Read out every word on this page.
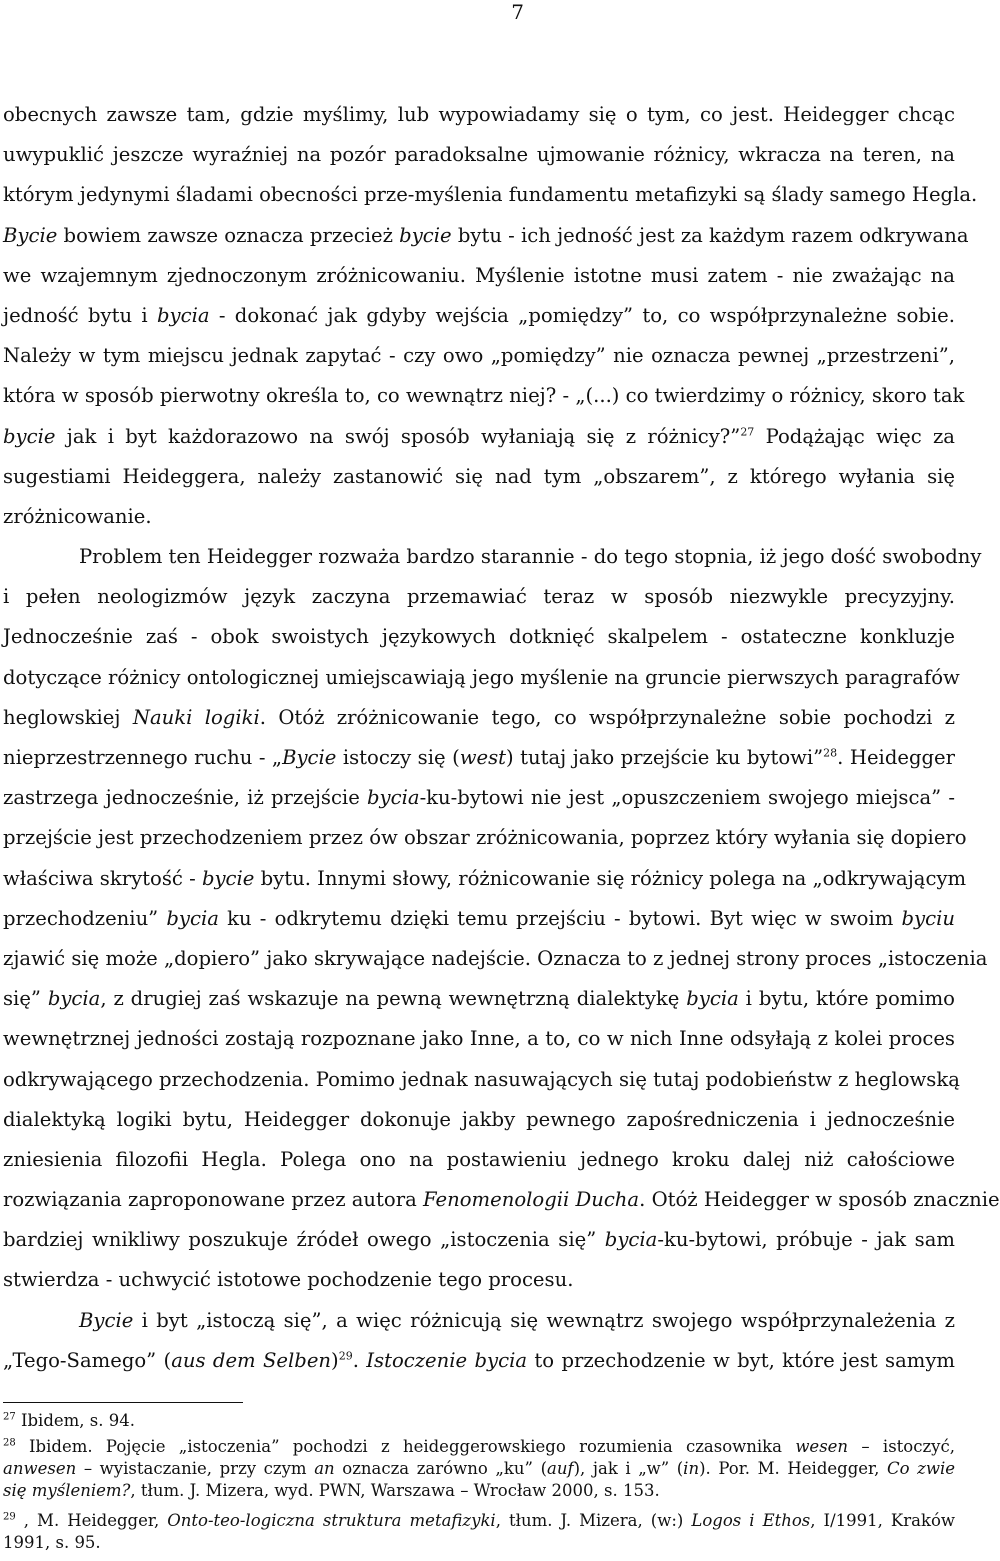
7
obecnych zawsze tam, gdzie myślimy, lub wypowiadamy się o tym, co jest. Heidegger chcąc
uwypuklić jeszcze wyraźniej na pozór paradoksalne ujmowanie różnicy, wkracza na teren, na
którym jedynymi śladami obecności prze-myślenia fundamentu metafizyki są ślady samego Hegla.
Bycie bowiem zawsze oznacza przecież bycie bytu - ich jedność jest za każdym razem odkrywana
we wzajemnym zjednoczonym zróżnicowaniu. Myślenie istotne musi zatem - nie zważając na
jedność bytu i bycia - dokonać jak gdyby wejścia „pomiędzy” to, co współprzynależne sobie.
Należy w tym miejscu jednak zapytać - czy owo „pomiędzy” nie oznacza pewnej „przestrzeni”,
która w sposób pierwotny określa to, co wewnątrz niej? - „(...) co twierdzimy o różnicy, skoro tak
bycie jak i byt każdorazowo na swój sposób wyłaniają się z różnicy?”$^{27}$ Podążając więc za
sugestiami Heideggera, należy zastanowić się nad tym „obszarem”, z którego wyłania się
zróżnicowanie.
Problem ten Heidegger rozważa bardzo starannie - do tego stopnia, iż jego dość swobodny
i pełen neologizmów język zaczyna przemawiać teraz w sposób niezwykle precyzyjny.
Jednocześnie zaś - obok swoistych językowych dotknięć skalpelem - ostateczne konkluzje
dotyczące różnicy ontologicznej umiejscawiają jego myślenie na gruncie pierwszych paragrafów
heglowskiej Nauki logiki. Otóż zróżnicowanie tego, co współprzynależne sobie pochodzi z
nieprzestrzennego ruchu - „Bycie istoczy się (west) tutaj jako przejście ku bytowi”$^{28}$. Heidegger
zastrzega jednocześnie, iż przejście bycia-ku-bytowi nie jest „opuszczeniem swojego miejsca” -
przejście jest przechodzeniem przez ów obszar zróżnicowania, poprzez który wyłania się dopiero
właściwa skrytość - bycie bytu. Innymi słowy, różnicowanie się różnicy polega na „odkrywającym
przechodzeniu” bycia ku - odkrytemu dzięki temu przejściu - bytowi. Byt więc w swoim byciu
zjawić się może „dopiero” jako skrywające nadejście. Oznacza to z jednej strony proces „istoczenia
się” bycia, z drugiej zaś wskazuje na pewną wewnętrzną dialektykę bycia i bytu, które pomimo
wewnętrznej jedności zostają rozpoznane jako Inne, a to, co w nich Inne odsyłają z kolei proces
odkrywającego przechodzenia. Pomimo jednak nasuwających się tutaj podobieństw z heglowską
dialektyką logiki bytu, Heidegger dokonuje jakby pewnego zapośredniczenia i jednocześnie
zniesienia filozofii Hegla. Polega ono na postawieniu jednego kroku dalej niż całościowe
rozwiązania zaproponowane przez autora Fenomenologii Ducha. Otóż Heidegger w sposób znacznie
bardziej wnikliwy poszukuje źródeł owego „istoczenia się” bycia-ku-bytowi, próbuje - jak sam
stwierdza - uchwycić istotowe pochodzenie tego procesu.
Bycie i byt „istoczą się”, a więc różnicują się wewnątrz swojego współprzynależenia z
„Tego-Samego” (aus dem Selben)$^{29}$. Istoczenie bycia to przechodzenie w byt, które jest samym
$^{27}$ Ibidem, s. 94.
$^{28}$ Ibidem. Pojęcie „istoczenia” pochodzi z heideggerowskiego rozumienia czasownika wesen – istoczyć,
anwesen – wyistaczanie, przy czym an oznacza zarówno „ku” (auf), jak i „w” (in). Por. M. Heidegger, Co zwie
się myśleniem?, tłum. J. Mizera, wyd. PWN, Warszawa – Wrocław 2000, s. 153.
$^{29}$ , M. Heidegger, Onto-teo-logiczna struktura metafizyki, tłum. J. Mizera, (w:) Logos i Ethos, I/1991, Kraków
1991, s. 95.
